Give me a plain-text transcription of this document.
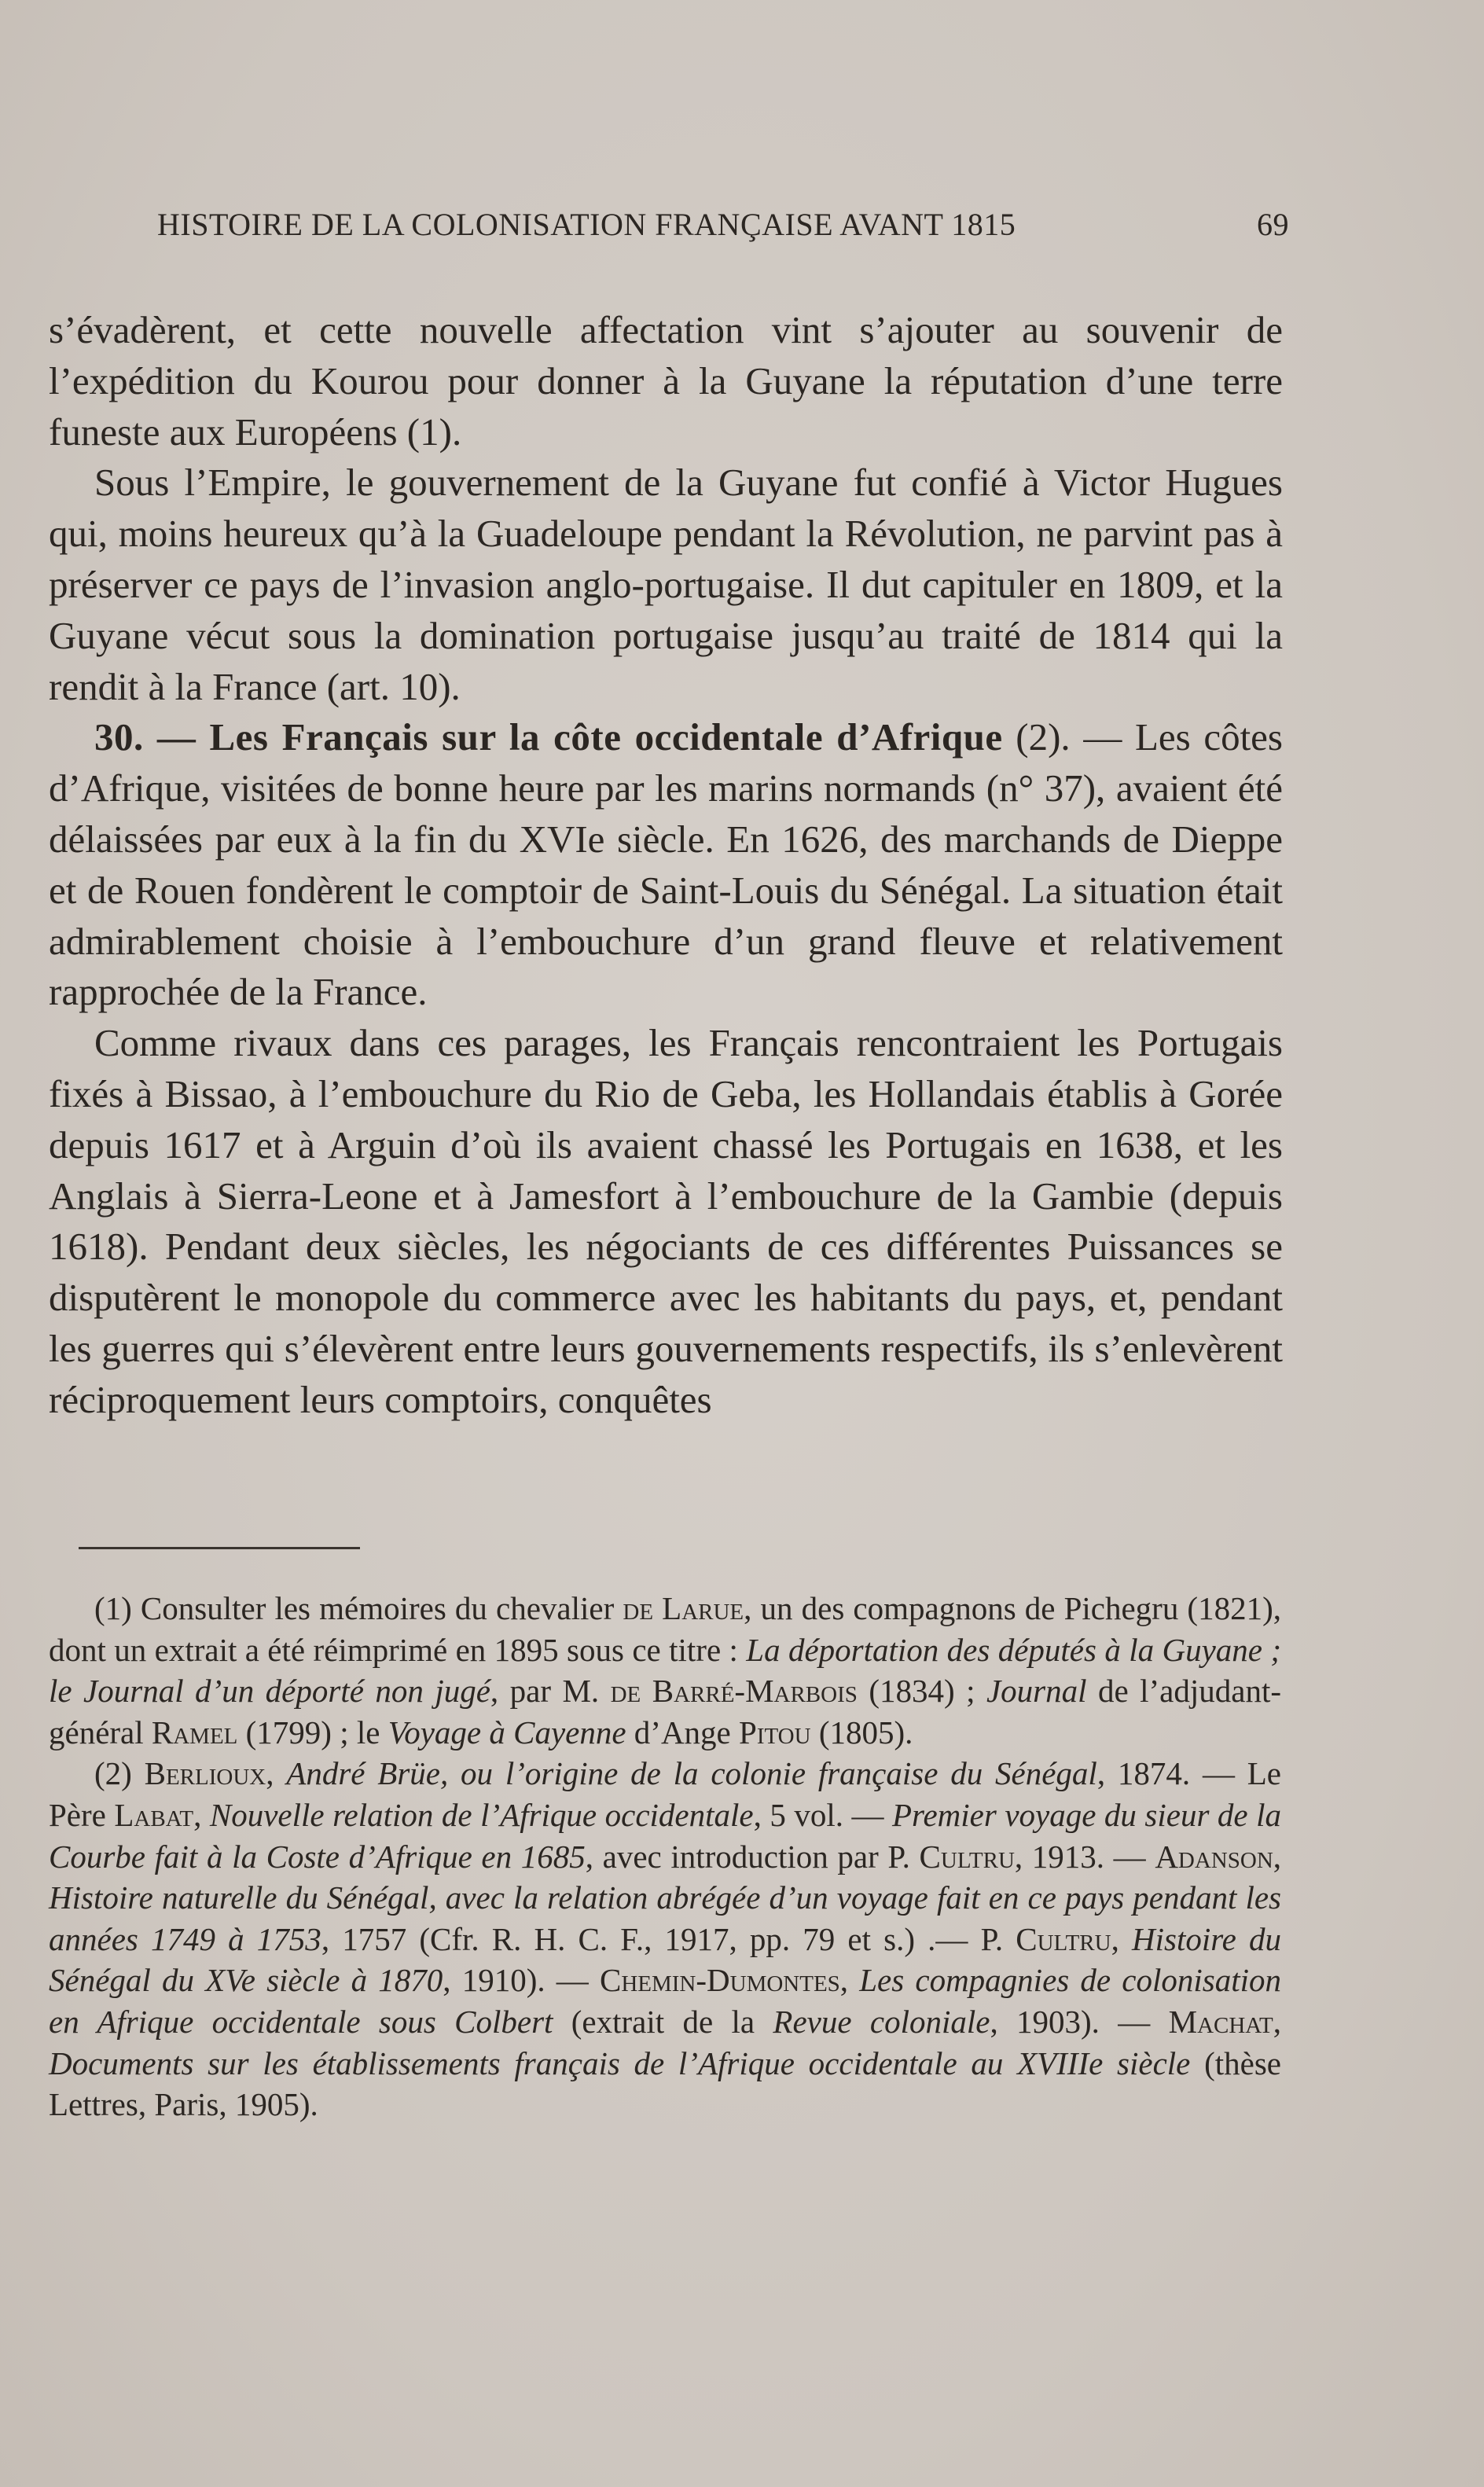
HISTOIRE DE LA COLONISATION FRANÇAISE AVANT 1815	69

s’évadèrent, et cette nouvelle affectation vint s’ajouter au souvenir de l’expédition du Kourou pour donner à la Guyane la réputation d’une terre funeste aux Européens (1).

Sous l’Empire, le gouvernement de la Guyane fut confié à Victor Hugues qui, moins heureux qu’à la Guadeloupe pendant la Révolution, ne parvint pas à préserver ce pays de l’invasion anglo-portugaise. Il dut capituler en 1809, et la Guyane vécut sous la domination portugaise jusqu’au traité de 1814 qui la rendit à la France (art. 10).

30. — Les Français sur la côte occidentale d’Afrique (2). — Les côtes d’Afrique, visitées de bonne heure par les marins normands (n° 37), avaient été délaissées par eux à la fin du XVIe siècle. En 1626, des marchands de Dieppe et de Rouen fondèrent le comptoir de Saint-Louis du Sénégal. La situation était admirablement choisie à l’embouchure d’un grand fleuve et relativement rapprochée de la France.

Comme rivaux dans ces parages, les Français rencontraient les Portugais fixés à Bissao, à l’embouchure du Rio de Geba, les Hollandais établis à Gorée depuis 1617 et à Arguin d’où ils avaient chassé les Portugais en 1638, et les Anglais à Sierra-Leone et à Jamesfort à l’embouchure de la Gambie (depuis 1618). Pendant deux siècles, les négociants de ces différentes Puissances se disputèrent le monopole du commerce avec les habitants du pays, et, pendant les guerres qui s’élevèrent entre leurs gouvernements respectifs, ils s’enlevèrent réciproquement leurs comptoirs, conquêtes

(1) Consulter les mémoires du chevalier de Larue, un des compagnons de Pichegru (1821), dont un extrait a été réimprimé en 1895 sous ce titre : La déportation des députés à la Guyane ; le Journal d’un déporté non jugé, par M. de Barré-Marbois (1834) ; Journal de l’adjudant-général Ramel (1799) ; le Voyage à Cayenne d’Ange Pitou (1805).

(2) Berlioux, André Brüe, ou l’origine de la colonie française du Sénégal, 1874. — Le Père Labat, Nouvelle relation de l’Afrique occidentale, 5 vol. — Premier voyage du sieur de la Courbe fait à la Coste d’Afrique en 1685, avec introduction par P. Cultru, 1913. — Adanson, Histoire naturelle du Sénégal, avec la relation abrégée d’un voyage fait en ce pays pendant les années 1749 à 1753, 1757 (Cfr. R. H. C. F., 1917, pp. 79 et s.) .— P. Cultru, Histoire du Sénégal du XVe siècle à 1870, 1910). — Chemin-Dumontes, Les compagnies de colonisation en Afrique occidentale sous Colbert (extrait de la Revue coloniale, 1903). — Machat, Documents sur les établissements français de l’Afrique occidentale au XVIIIe siècle (thèse Lettres, Paris, 1905).
